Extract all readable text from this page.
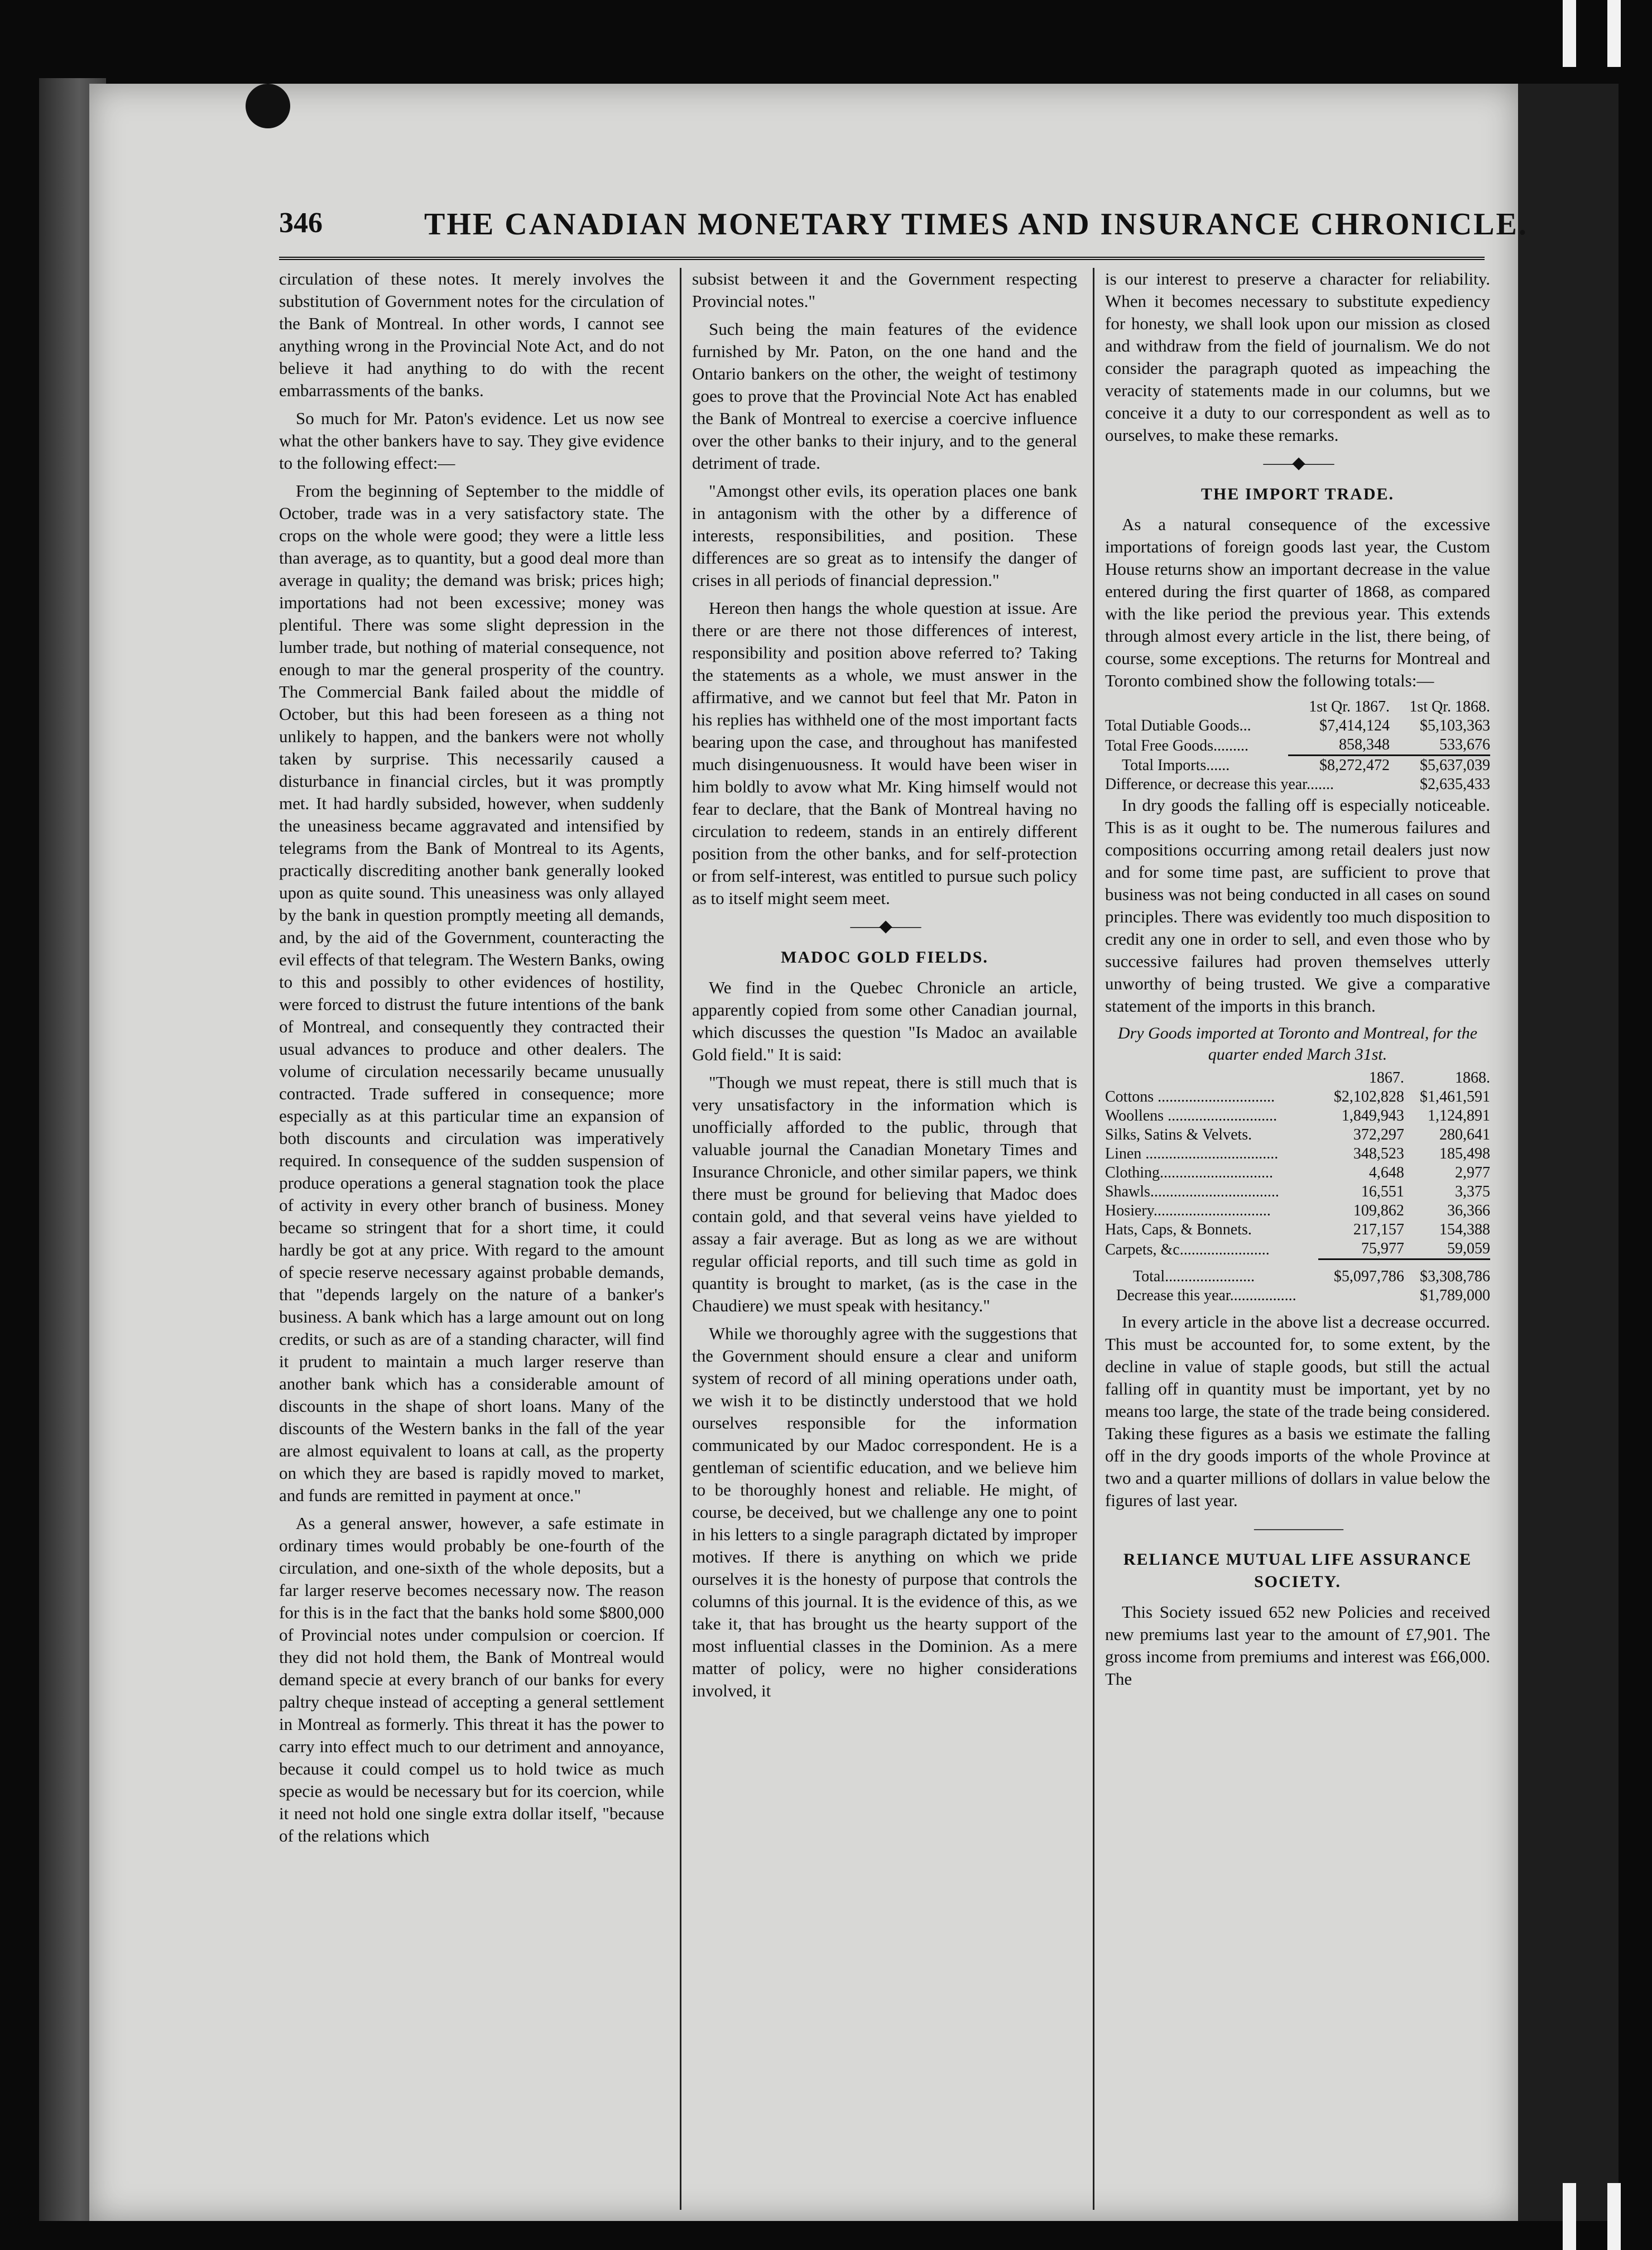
346	THE CANADIAN MONETARY TIMES AND INSURANCE CHRONICLE.

circulation of these notes. It merely involves the substitution of Government notes for the circulation of the Bank of Montreal. In other words, I cannot see anything wrong in the Provincial Note Act, and do not believe it had anything to do with the recent embarrassments of the banks.

So much for Mr. Paton's evidence. Let us now see what the other bankers have to say. They give evidence to the following effect:—

From the beginning of September to the middle of October, trade was in a very satisfactory state. The crops on the whole were good; they were a little less than average, as to quantity, but a good deal more than average in quality; the demand was brisk; prices high; importations had not been excessive; money was plentiful. There was some slight depression in the lumber trade, but nothing of material consequence, not enough to mar the general prosperity of the country. The Commercial Bank failed about the middle of October, but this had been foreseen as a thing not unlikely to happen, and the bankers were not wholly taken by surprise. This necessarily caused a disturbance in financial circles, but it was promptly met. It had hardly subsided, however, when suddenly the uneasiness became aggravated and intensified by telegrams from the Bank of Montreal to its Agents, practically discrediting another bank generally looked upon as quite sound. This uneasiness was only allayed by the bank in question promptly meeting all demands, and, by the aid of the Government, counteracting the evil effects of that telegram. The Western Banks, owing to this and possibly to other evidences of hostility, were forced to distrust the future intentions of the bank of Montreal, and consequently they contracted their usual advances to produce and other dealers. The volume of circulation necessarily became unusually contracted. Trade suffered in consequence; more especially as at this particular time an expansion of both discounts and circulation was imperatively required. In consequence of the sudden suspension of produce operations a general stagnation took the place of activity in every other branch of business. Money became so stringent that for a short time, it could hardly be got at any price. With regard to the amount of specie reserve necessary against probable demands, that "depends largely on the nature of a banker's business. A bank which has a large amount out on long credits, or such as are of a standing character, will find it prudent to maintain a much larger reserve than another bank which has a considerable amount of discounts in the shape of short loans. Many of the discounts of the Western banks in the fall of the year are almost equivalent to loans at call, as the property on which they are based is rapidly moved to market, and funds are remitted in payment at once."

As a general answer, however, a safe estimate in ordinary times would probably be one-fourth of the circulation, and one-sixth of the whole deposits, but a far larger reserve becomes necessary now. The reason for this is in the fact that the banks hold some $800,000 of Provincial notes under compulsion or coercion. If they did not hold them, the Bank of Montreal would demand specie at every branch of our banks for every paltry cheque instead of accepting a general settlement in Montreal as formerly. This threat it has the power to carry into effect much to our detriment and annoyance, because it could compel us to hold twice as much specie as would be necessary but for its coercion, while it need not hold one single extra dollar itself, "because of the relations which

subsist between it and the Government respecting Provincial notes."

Such being the main features of the evidence furnished by Mr. Paton, on the one hand and the Ontario bankers on the other, the weight of testimony goes to prove that the Provincial Note Act has enabled the Bank of Montreal to exercise a coercive influence over the other banks to their injury, and to the general detriment of trade.

"Amongst other evils, its operation places one bank in antagonism with the other by a difference of interests, responsibilities, and position. These differences are so great as to intensify the danger of crises in all periods of financial depression."

Hereon then hangs the whole question at issue. Are there or are there not those differences of interest, responsibility and position above referred to? Taking the statements as a whole, we must answer in the affirmative, and we cannot but feel that Mr. Paton in his replies has withheld one of the most important facts bearing upon the case, and throughout has manifested much disingenuousness. It would have been wiser in him boldly to avow what Mr. King himself would not fear to declare, that the Bank of Montreal having no circulation to redeem, stands in an entirely different position from the other banks, and for self-protection or from self-interest, was entitled to pursue such policy as to itself might seem meet.

——◆——
MADOC GOLD FIELDS.

We find in the Quebec Chronicle an article, apparently copied from some other Canadian journal, which discusses the question "Is Madoc an available Gold field." It is said:

"Though we must repeat, there is still much that is very unsatisfactory in the information which is unofficially afforded to the public, through that valuable journal the Canadian Monetary Times and Insurance Chronicle, and other similar papers, we think there must be ground for believing that Madoc does contain gold, and that several veins have yielded to assay a fair average. But as long as we are without regular official reports, and till such time as gold in quantity is brought to market, (as is the case in the Chaudiere) we must speak with hesitancy."

While we thoroughly agree with the suggestions that the Government should ensure a clear and uniform system of record of all mining operations under oath, we wish it to be distinctly understood that we hold ourselves responsible for the information communicated by our Madoc correspondent. He is a gentleman of scientific education, and we believe him to be thoroughly honest and reliable. He might, of course, be deceived, but we challenge any one to point in his letters to a single paragraph dictated by improper motives. If there is anything on which we pride ourselves it is the honesty of purpose that controls the columns of this journal. It is the evidence of this, as we take it, that has brought us the hearty support of the most influential classes in the Dominion. As a mere matter of policy, were no higher considerations involved, it

is our interest to preserve a character for reliability. When it becomes necessary to substitute expediency for honesty, we shall look upon our mission as closed and withdraw from the field of journalism. We do not consider the paragraph quoted as impeaching the veracity of statements made in our columns, but we conceive it a duty to our correspondent as well as to ourselves, to make these remarks.

——◆——
THE IMPORT TRADE.

As a natural consequence of the excessive importations of foreign goods last year, the Custom House returns show an important decrease in the value entered during the first quarter of 1868, as compared with the like period the previous year. This extends through almost every article in the list, there being, of course, some exceptions. The returns for Montreal and Toronto combined show the following totals:—

	1st Qr. 1867.	1st Qr. 1868.
Total Dutiable Goods...	$7,414,124	$5,103,363
Total Free Goods.........	858,348	533,676
Total Imports......	$8,272,472	$5,637,039
Difference, or decrease this year.......		$2,635,433

In dry goods the falling off is especially noticeable. This is as it ought to be. The numerous failures and compositions occurring among retail dealers just now and for some time past, are sufficient to prove that business was not being conducted in all cases on sound principles. There was evidently too much disposition to credit any one in order to sell, and even those who by successive failures had proven themselves utterly unworthy of being trusted. We give a comparative statement of the imports in this branch.

Dry Goods imported at Toronto and Montreal, for the quarter ended March 31st.
	1867.	1868.
Cottons ..............................	$2,102,828	$1,461,591
Woollens ............................	1,849,943	1,124,891
Silks, Satins & Velvets.	372,297	280,641
Linen ..................................	348,523	185,498
Clothing.............................	4,648	2,977
Shawls.................................	16,551	3,375
Hosiery..............................	109,862	36,366
Hats, Caps, & Bonnets.	217,157	154,388
Carpets, &c.......................	75,977	59,059
Total.......................	$5,097,786	$3,308,786
Decrease this year.................		$1,789,000

In every article in the above list a decrease occurred. This must be accounted for, to some extent, by the decline in value of staple goods, but still the actual falling off in quantity must be important, yet by no means too large, the state of the trade being considered. Taking these figures as a basis we estimate the falling off in the dry goods imports of the whole Province at two and a quarter millions of dollars in value below the figures of last year.

——————
RELIANCE MUTUAL LIFE ASSURANCE SOCIETY.

This Society issued 652 new Policies and received new premiums last year to the amount of £7,901. The gross income from premiums and interest was £66,000. The
